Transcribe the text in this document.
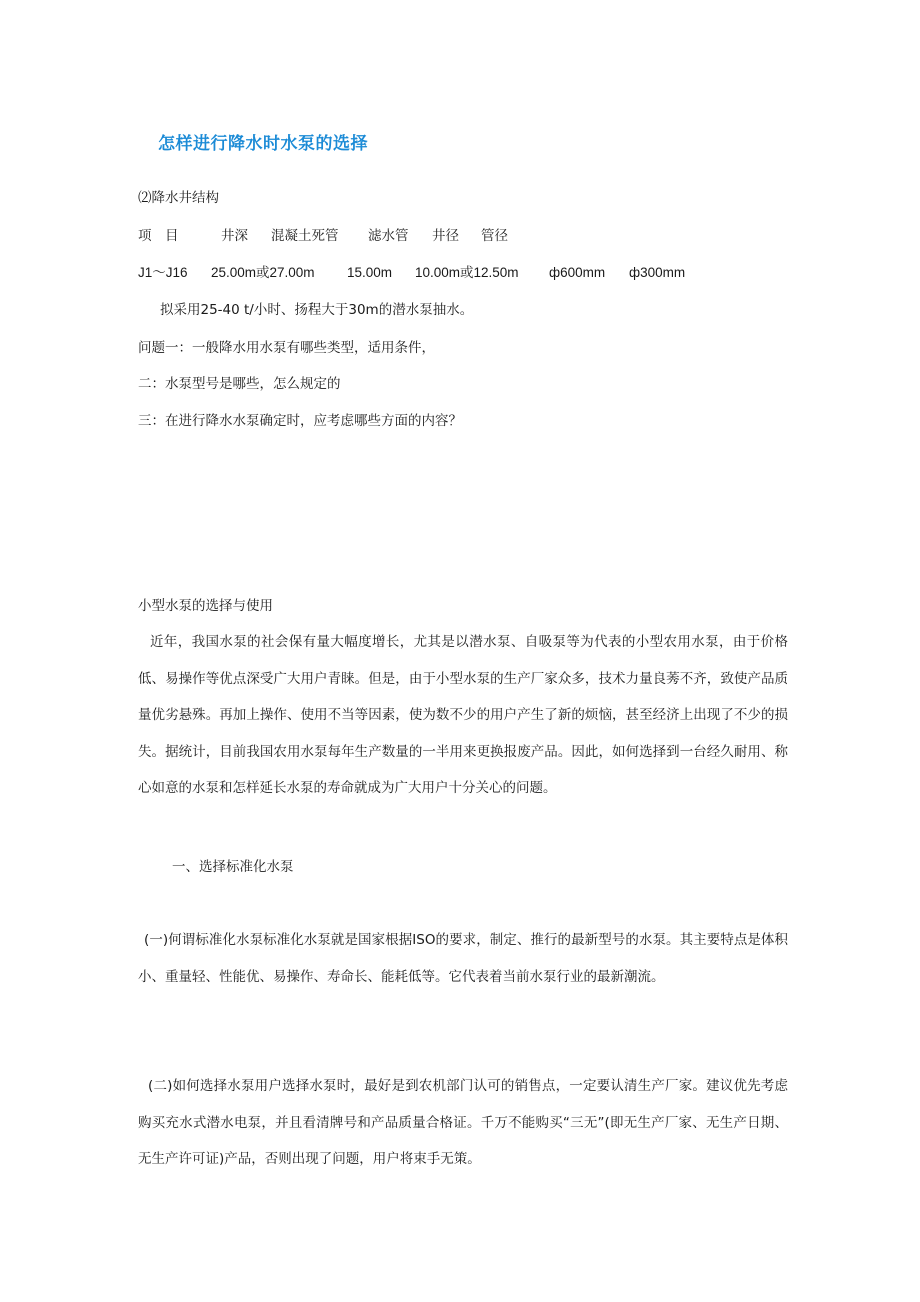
怎样进行降水时水泵的选择
⑵降水井结构
项　目	井深 混凝土死管 滤水管 井径 管径
J1～J16 25.00m或27.00m 15.00m 10.00m或12.50m ф600mm ф300mm
拟采用25-40 t/小时、扬程大于30m的潜水泵抽水。
问题一：一般降水用水泵有哪些类型，适用条件，
二：水泵型号是哪些，怎么规定的
三：在进行降水水泵确定时，应考虑哪些方面的内容？
小型水泵的选择与使用
近年，我国水泵的社会保有量大幅度增长，尤其是以潜水泵、自吸泵等为代表的小型农用水泵，由于价格低、易操作等优点深受广大用户青睐。但是，由于小型水泵的生产厂家众多，技术力量良莠不齐，致使产品质量优劣悬殊。再加上操作、使用不当等因素，使为数不少的用户产生了新的烦恼，甚至经济上出现了不少的损失。据统计，目前我国农用水泵每年生产数量的一半用来更换报废产品。因此，如何选择到一台经久耐用、称心如意的水泵和怎样延长水泵的寿命就成为广大用户十分关心的问题。
一、选择标准化水泵
(一)何谓标准化水泵标准化水泵就是国家根据ISO的要求，制定、推行的最新型号的水泵。其主要特点是体积小、重量轻、性能优、易操作、寿命长、能耗低等。它代表着当前水泵行业的最新潮流。
(二)如何选择水泵用户选择水泵时，最好是到农机部门认可的销售点，一定要认清生产厂家。建议优先考虑购买充水式潜水电泵，并且看清牌号和产品质量合格证。千万不能购买“三无”(即无生产厂家、无生产日期、无生产许可证)产品，否则出现了问题，用户将束手无策。
